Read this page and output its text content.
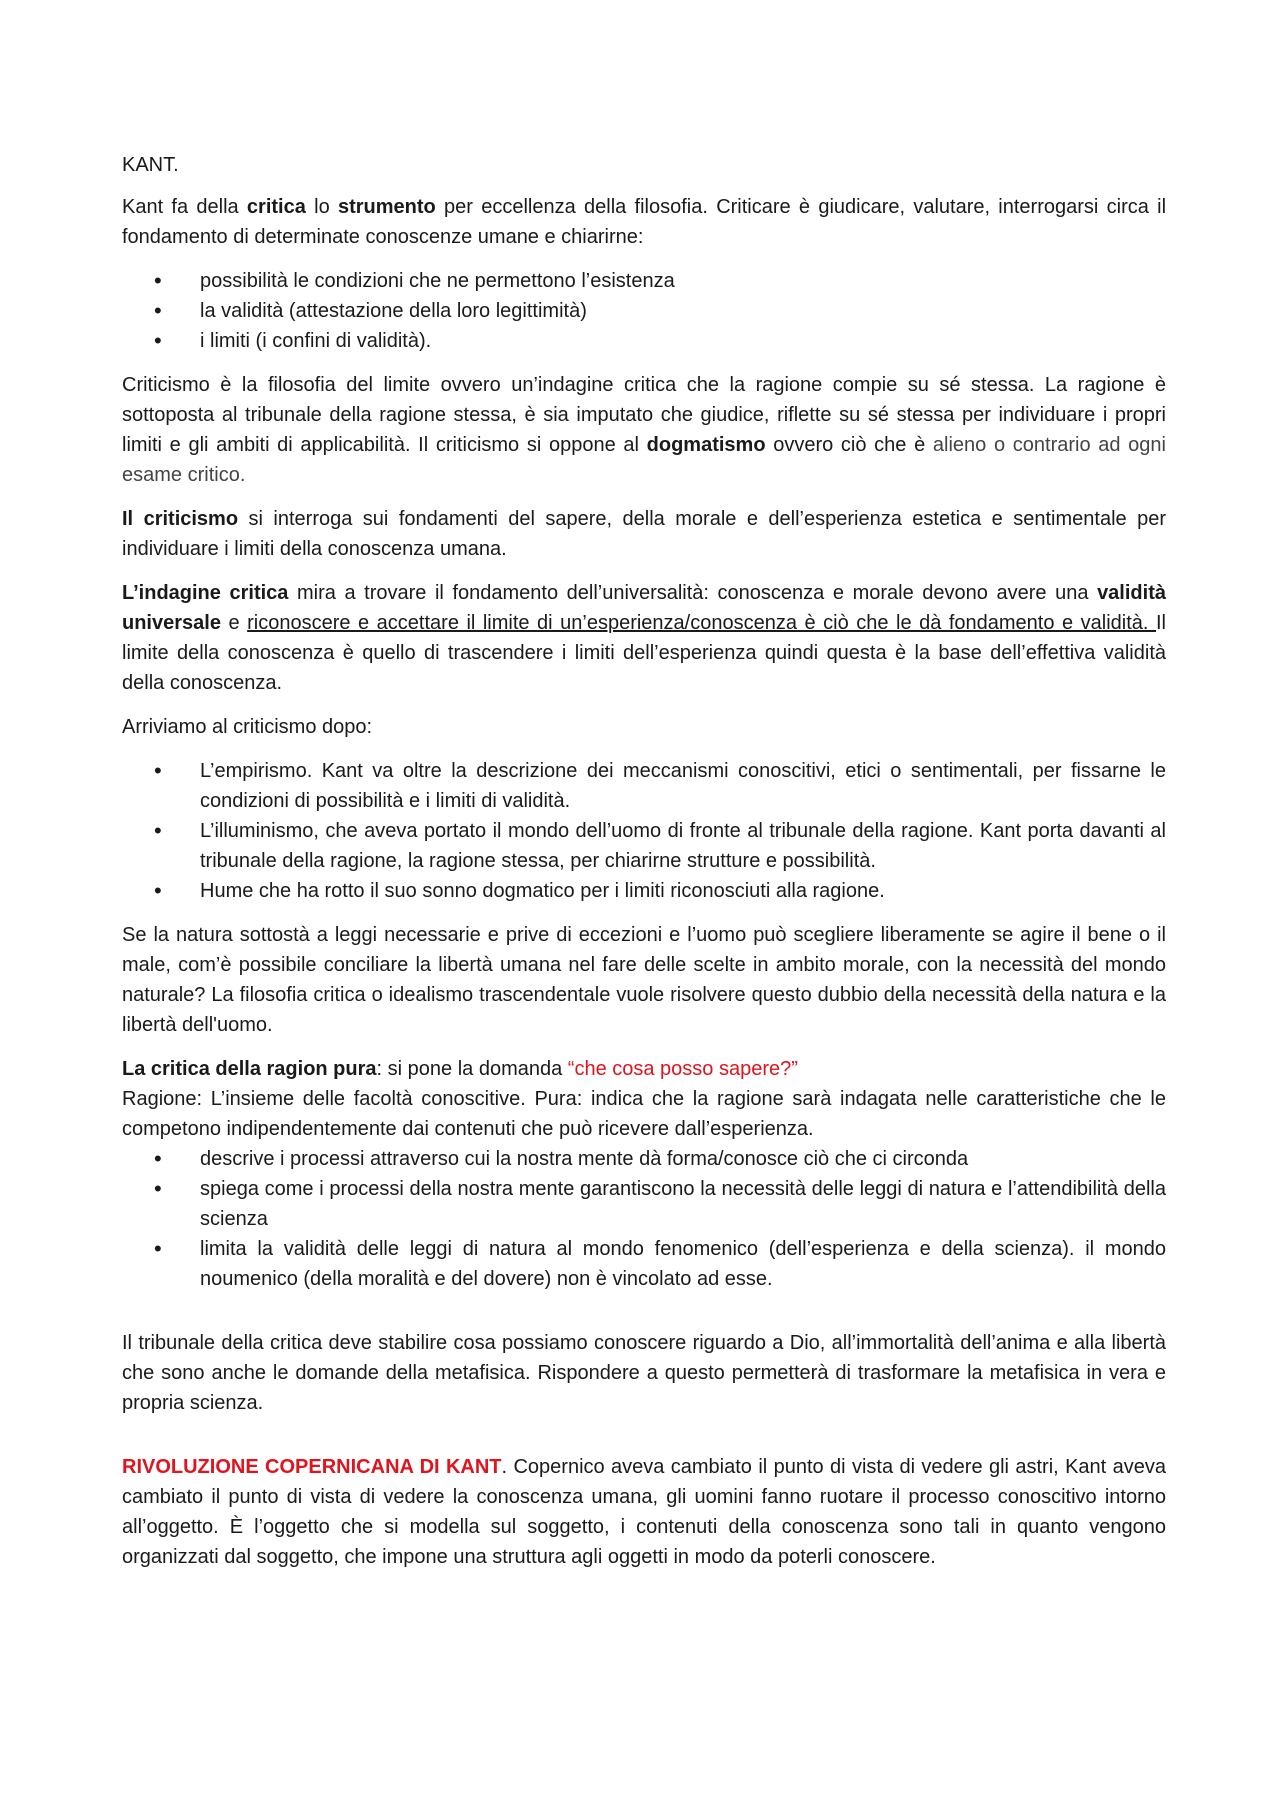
KANT.

Kant fa della critica lo strumento per eccellenza della filosofia. Criticare è giudicare, valutare, interrogarsi circa il fondamento di determinate conoscenze umane e chiarirne:

• possibilità le condizioni che ne permettono l’esistenza
• la validità (attestazione della loro legittimità)
• i limiti (i confini di validità).

Criticismo è la filosofia del limite ovvero un’indagine critica che la ragione compie su sé stessa. La ragione è sottoposta al tribunale della ragione stessa, è sia imputato che giudice, riflette su sé stessa per individuare i propri limiti e gli ambiti di applicabilità. Il criticismo si oppone al dogmatismo ovvero ciò che è alieno o contrario ad ogni esame critico.

Il criticismo si interroga sui fondamenti del sapere, della morale e dell’esperienza estetica e sentimentale per individuare i limiti della conoscenza umana.

L’indagine critica mira a trovare il fondamento dell’universalità: conoscenza e morale devono avere una validità universale e riconoscere e accettare il limite di un’esperienza/conoscenza è ciò che le dà fondamento e validità. Il limite della conoscenza è quello di trascendere i limiti dell’esperienza quindi questa è la base dell’effettiva validità della conoscenza.

Arriviamo al criticismo dopo:

• L’empirismo. Kant va oltre la descrizione dei meccanismi conoscitivi, etici o sentimentali, per fissarne le condizioni di possibilità e i limiti di validità.
• L’illuminismo, che aveva portato il mondo dell’uomo di fronte al tribunale della ragione. Kant porta davanti al tribunale della ragione, la ragione stessa, per chiarirne strutture e possibilità.
• Hume che ha rotto il suo sonno dogmatico per i limiti riconosciuti alla ragione.

Se la natura sottostà a leggi necessarie e prive di eccezioni e l’uomo può scegliere liberamente se agire il bene o il male, com’è possibile conciliare la libertà umana nel fare delle scelte in ambito morale, con la necessità del mondo naturale? La filosofia critica o idealismo trascendentale vuole risolvere questo dubbio della necessità della natura e la libertà dell'uomo.

La critica della ragion pura: si pone la domanda “che cosa posso sapere?”

Ragione: L’insieme delle facoltà conoscitive. Pura: indica che la ragione sarà indagata nelle caratteristiche che le competono indipendentemente dai contenuti che può ricevere dall’esperienza.

• descrive i processi attraverso cui la nostra mente dà forma/conosce ciò che ci circonda
• spiega come i processi della nostra mente garantiscono la necessità delle leggi di natura e l’attendibilità della scienza
• limita la validità delle leggi di natura al mondo fenomenico (dell’esperienza e della scienza). il mondo noumenico (della moralità e del dovere) non è vincolato ad esse.

Il tribunale della critica deve stabilire cosa possiamo conoscere riguardo a Dio, all’immortalità dell’anima e alla libertà che sono anche le domande della metafisica. Rispondere a questo permetterà di trasformare la metafisica in vera e propria scienza.

RIVOLUZIONE COPERNICANA DI KANT. Copernico aveva cambiato il punto di vista di vedere gli astri, Kant aveva cambiato il punto di vista di vedere la conoscenza umana, gli uomini fanno ruotare il processo conoscitivo intorno all’oggetto. È l’oggetto che si modella sul soggetto, i contenuti della conoscenza sono tali in quanto vengono organizzati dal soggetto, che impone una struttura agli oggetti in modo da poterli conoscere.
